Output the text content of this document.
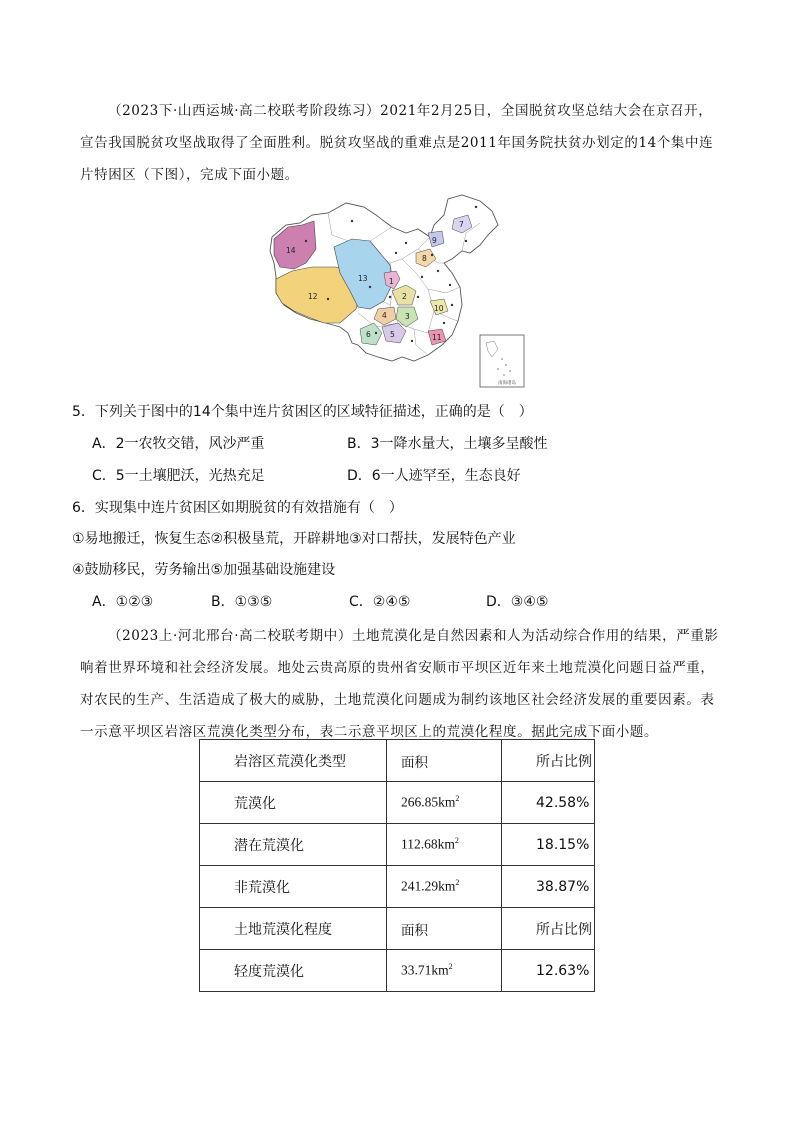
（2023下·山西运城·高二校联考阶段练习）2021年2月25日，全国脱贫攻坚总结大会在京召开，宣告我国脱贫攻坚战取得了全面胜利。脱贫攻坚战的重难点是2011年国务院扶贫办划定的14个集中连片特困区（下图），完成下面小题。

14
12
13	1
2
3
4
5
6
7
8
9
10
11
南海诸岛

5．下列关于图中的14个集中连片贫困区的区域特征描述，正确的是（　）

A．2一农牧交错，风沙严重	B．3一降水量大，土壤多呈酸性
C．5一土壤肥沃，光热充足	D．6一人迹罕至，生态良好

6．实现集中连片贫困区如期脱贫的有效措施有（　）

①易地搬迁，恢复生态②积极垦荒，开辟耕地③对口帮扶，发展特色产业

④鼓励移民，劳务输出⑤加强基础设施建设

A．①②③	B．①③⑤	C．②④⑤	D．③④⑤

（2023上·河北邢台·高二校联考期中）土地荒漠化是自然因素和人为活动综合作用的结果，严重影响着世界环境和社会经济发展。地处云贵高原的贵州省安顺市平坝区近年来土地荒漠化问题日益严重，对农民的生产、生活造成了极大的威胁，土地荒漠化问题成为制约该地区社会经济发展的重要因素。表一示意平坝区岩溶区荒漠化类型分布，表二示意平坝区上的荒漠化程度。据此完成下面小题。

岩溶区荒漠化类型	面积	所占比例
荒漠化	$266.85km^2$	42.58%
潜在荒漠化	$112.68km^2$	18.15%
非荒漠化	$241.29km^2$	38.87%
土地荒漠化程度	面积	所占比例
轻度荒漠化	$33.71km^2$	12.63%
